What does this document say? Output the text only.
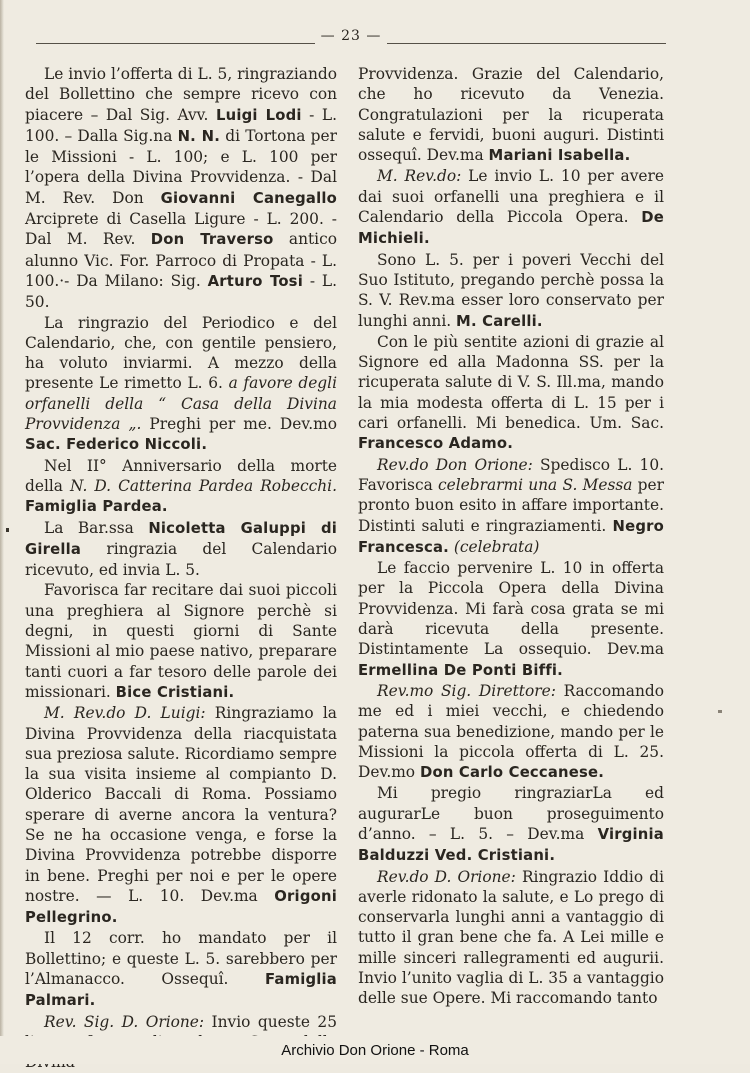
— 23 —

Le invio l’offerta di L. 5, ringraziando del Bollettino che sempre ricevo con piacere – Dal Sig. Avv. Luigi Lodi - L. 100. – Dalla Sig.na N. N. di Tortona per le Missioni - L. 100; e L. 100 per l’opera della Divina Provvidenza. - Dal M. Rev. Don Giovanni Canegallo Arciprete di Casella Ligure - L. 200. - Dal M. Rev. Don Traverso antico alunno Vic. For. Parroco di Propata - L. 100.·- Da Milano: Sig. Arturo Tosi - L. 50.

La ringrazio del Periodico e del Calendario, che, con gentile pensiero, ha voluto inviarmi. A mezzo della presente Le rimetto L. 6. a favore degli orfanelli della “ Casa della Divina Provvidenza „. Preghi per me. Dev.mo Sac. Federico Niccoli.

Nel II° Anniversario della morte della N. D. Catterina Pardea Robecchi. Famiglia Pardea.

La Bar.ssa Nicoletta Galuppi di Girella ringrazia del Calendario ricevuto, ed invia L. 5.

Favorisca far recitare dai suoi piccoli una preghiera al Signore perchè si degni, in questi giorni di Sante Missioni al mio paese nativo, preparare tanti cuori a far tesoro delle parole dei missionari. Bice Cristiani.

M. Rev.do D. Luigi: Ringraziamo la Divina Provvidenza della riacquistata sua preziosa salute. Ricordiamo sempre la sua visita insieme al compianto D. Olderico Baccali di Roma. Possiamo sperare di averne ancora la ventura? Se ne ha occasione venga, e forse la Divina Provvidenza potrebbe disporre in bene. Preghi per noi e per le opere nostre. — L. 10. Dev.ma Origoni Pellegrino.

Il 12 corr. ho mandato per il Bollettino; e queste L. 5. sarebbero per l’Almanacco. Ossequî. Famiglia Palmari.

Rev. Sig. D. Orione: Invio queste 25

Provvidenza. Grazie del Calendario, che ho ricevuto da Venezia. Congratulazioni per la ricuperata salute e fervidi, buoni auguri. Distinti ossequî. Dev.ma Mariani Isabella.

M. Rev.do: Le invio L. 10 per avere dai suoi orfanelli una preghiera e il Calendario della Piccola Opera. De Michieli.

Sono L. 5. per i poveri Vecchi del Suo Istituto, pregando perchè possa la S. V. Rev.ma esser loro conservato per lunghi anni. M. Carelli.

Con le più sentite azioni di grazie al Signore ed alla Madonna SS. per la ricuperata salute di V. S. Ill.ma, mando la mia modesta offerta di L. 15 per i cari orfanelli. Mi benedica. Um. Sac. Francesco Adamo.

Rev.do Don Orione: Spedisco L. 10. Favorisca celebrarmi una S. Messa per pronto buon esito in affare importante. Distinti saluti e ringraziamenti. Negro Francesca. (celebrata)

Le faccio pervenire L. 10 in offerta per la Piccola Opera della Divina Provvidenza. Mi farà cosa grata se mi darà ricevuta della presente. Distintamente La ossequio. Dev.ma Ermellina De Ponti Biffi.

Rev.mo Sig. Direttore: Raccomando me ed i miei vecchi, e chiedendo paterna sua benedizione, mando per le Missioni la piccola offerta di L. 25. Dev.mo Don Carlo Ceccanese.

Mi pregio ringraziarLa ed augurarLe buon proseguimento d’anno. – L. 5. – Dev.ma Virginia Balduzzi Ved. Cristiani.

Rev.do D. Orione: Ringrazio Iddio di averle ridonato la salute, e Lo prego di conservarla lunghi anni a vantaggio di tutto il gran bene che fa. A Lei mille e mille sinceri rallegramenti ed augurii. Invio l’unito vaglia di L. 35 a vantaggio delle sue Opere. Mi raccomando tanto

Archivio Don Orione - Roma
